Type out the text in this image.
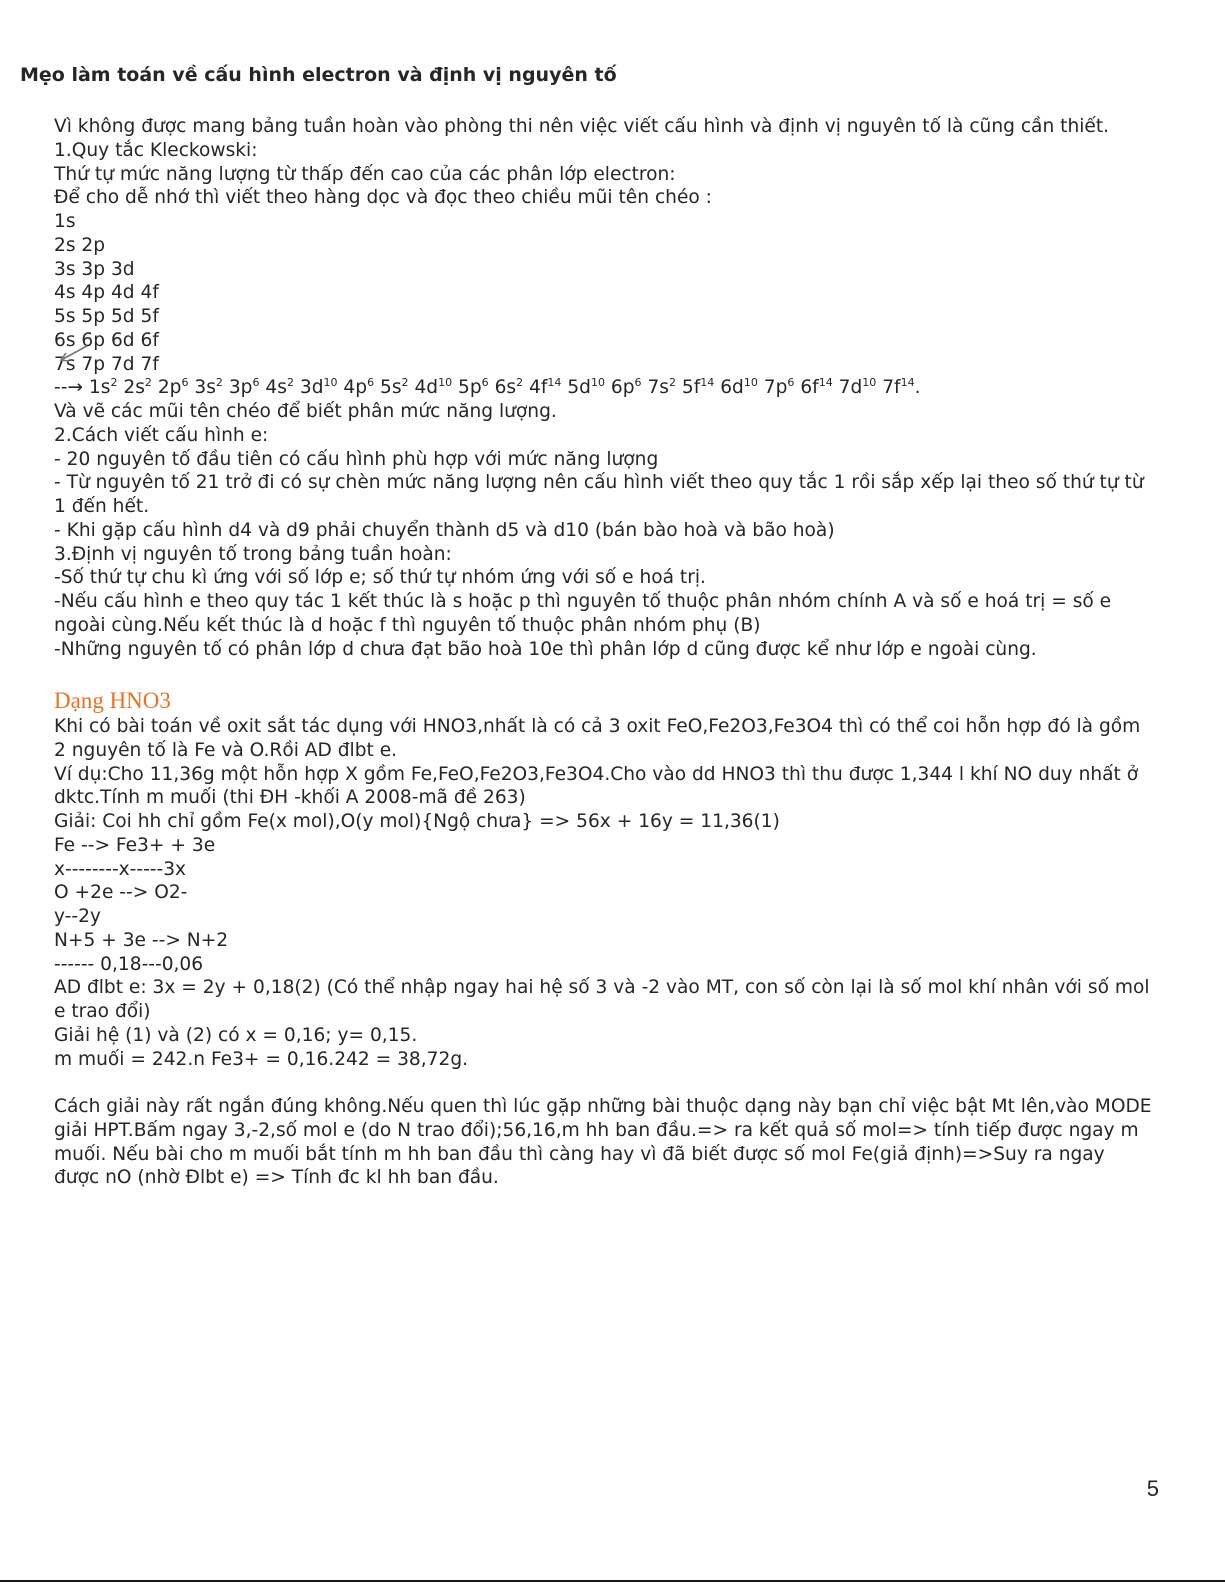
Mẹo làm toán về cấu hình electron và định vị nguyên tố
Vì không được mang bảng tuần hoàn vào phòng thi nên việc viết cấu hình và định vị nguyên tố là cũng cần thiết.
1.Quy tắc Kleckowski:
Thứ tự mức năng lượng từ thấp đến cao của các phân lớp electron:
Để cho dễ nhớ thì viết theo hàng dọc và đọc theo chiều mũi tên chéo :
1s
2s 2p
3s 3p 3d
4s 4p 4d 4f
5s 5p 5d 5f
6s 6p 6d 6f
7s 7p 7d 7f
--→ $1s^2$ $2s^2$ $2p^6$ $3s^2$ $3p^6$ $4s^2$ $3d^{10}$ $4p^6$ $5s^2$ $4d^{10}$ $5p^6$ $6s^2$ $4f^{14}$ $5d^{10}$ $6p^6$ $7s^2$ $5f^{14}$ $6d^{10}$ $7p^6$ $6f^{14}$ $7d^{10}$ $7f^{14}$.
Và vẽ các mũi tên chéo để biết phân mức năng lượng.
2.Cách viết cấu hình e:
- 20 nguyên tố đầu tiên có cấu hình phù hợp với mức năng lượng
- Từ nguyên tố 21 trở đi có sự chèn mức năng lượng nên cấu hình viết theo quy tắc 1 rồi sắp xếp lại theo số thứ tự từ 1 đến hết.
- Khi gặp cấu hình d4 và d9 phải chuyển thành d5 và d10 (bán bào hoà và bão hoà)
3.Định vị nguyên tố trong bảng tuần hoàn:
-Số thứ tự chu kì ứng với số lớp e; số thứ tự nhóm ứng với số e hoá trị.
-Nếu cấu hình e theo quy tác 1 kết thúc là s hoặc p thì nguyên tố thuộc phân nhóm chính A và số e hoá trị = số e ngoài cùng.Nếu kết thúc là d hoặc f thì nguyên tố thuộc phân nhóm phụ (B)
-Những nguyên tố có phân lớp d chưa đạt bão hoà 10e thì phân lớp d cũng được kể như lớp e ngoài cùng.
Dạng HNO3
Khi có bài toán về oxit sắt tác dụng với HNO3,nhất là có cả 3 oxit FeO,Fe2O3,Fe3O4 thì có thể coi hỗn hợp đó là gồm 2 nguyên tố là Fe và O.Rồi AD đlbt e.
Ví dụ:Cho 11,36g một hỗn hợp X gồm Fe,FeO,Fe2O3,Fe3O4.Cho vào dd HNO3 thì thu được 1,344 l khí NO duy nhất ở dktc.Tính m muối (thi ĐH -khối A 2008-mã đề 263)
Giải: Coi hh chỉ gồm Fe(x mol),O(y mol){Ngộ chưa} => 56x + 16y = 11,36(1)
Fe --> Fe3+ + 3e
x--------x-----3x
O +2e --> O2-
y--2y
N+5 + 3e --> N+2
------ 0,18---0,06
AD đlbt e: 3x = 2y + 0,18(2) (Có thể nhập ngay hai hệ số 3 và -2 vào MT, con số còn lại là số mol khí nhân với số mol e trao đổi)
Giải hệ (1) và (2) có x = 0,16; y= 0,15.
m muối = 242.n Fe3+ = 0,16.242 = 38,72g.
Cách giải này rất ngắn đúng không.Nếu quen thì lúc gặp những bài thuộc dạng này bạn chỉ việc bật Mt lên,vào MODE giải HPT.Bấm ngay 3,-2,số mol e (do N trao đổi);56,16,m hh ban đầu.=> ra kết quả số mol=> tính tiếp được ngay m muối. Nếu bài cho m muối bắt tính m hh ban đầu thì càng hay vì đã biết được số mol Fe(giả định)=>Suy ra ngay được nO (nhờ Đlbt e) => Tính đc kl hh ban đầu.
5
